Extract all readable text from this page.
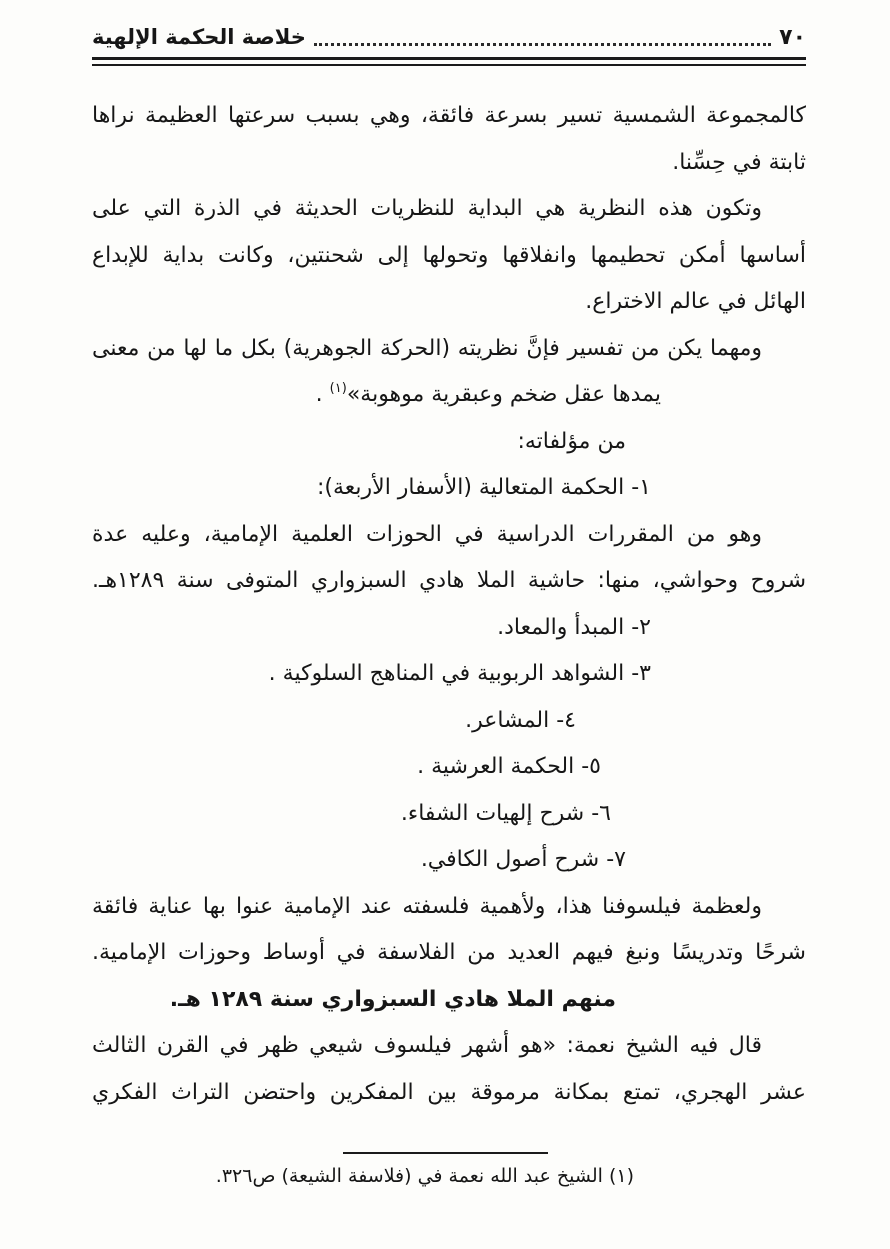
٧٠
خلاصة الحكمة الإلهية
كالمجموعة الشمسية تسير بسرعة فائقة، وهي بسبب سرعتها العظيمة نراها
ثابتة في حِسِّنا.
وتكون هذه النظرية هي البداية للنظريات الحديثة في الذرة التي على
أساسها أمكن تحطيمها وانفلاقها وتحولها إلى شحنتين، وكانت بداية للإبداع
الهائل في عالم الاختراع.
ومهما يكن من تفسير فإنَّ نظريته (الحركة الجوهرية) بكل ما لها من معنى
يمدها عقل ضخم وعبقرية موهوبة»$^{(١)}$ .
من مؤلفاته:
١- الحكمة المتعالية (الأسفار الأربعة):
وهو من المقررات الدراسية في الحوزات العلمية الإمامية، وعليه عدة
شروح وحواشي، منها: حاشية الملا هادي السبزواري المتوفى سنة ١٢٨٩هـ.
٢- المبدأ والمعاد.
٣- الشواهد الربوبية في المناهج السلوكية .
٤- المشاعر.
٥- الحكمة العرشية .
٦- شرح إلهيات الشفاء.
٧- شرح أصول الكافي.
ولعظمة فيلسوفنا هذا، ولأهمية فلسفته عند الإمامية عنوا بها عناية فائقة
شرحًا وتدريسًا ونبغ فيهم العديد من الفلاسفة في أوساط وحوزات الإمامية.
منهم الملا هادي السبزواري سنة ١٢٨٩ هـ.
قال فيه الشيخ نعمة: «هو أشهر فيلسوف شيعي ظهر في القرن الثالث
عشر الهجري، تمتع بمكانة مرموقة بين المفكرين واحتضن التراث الفكري
(١) الشيخ عبد الله نعمة في (فلاسفة الشيعة) ص٣٢٦.
